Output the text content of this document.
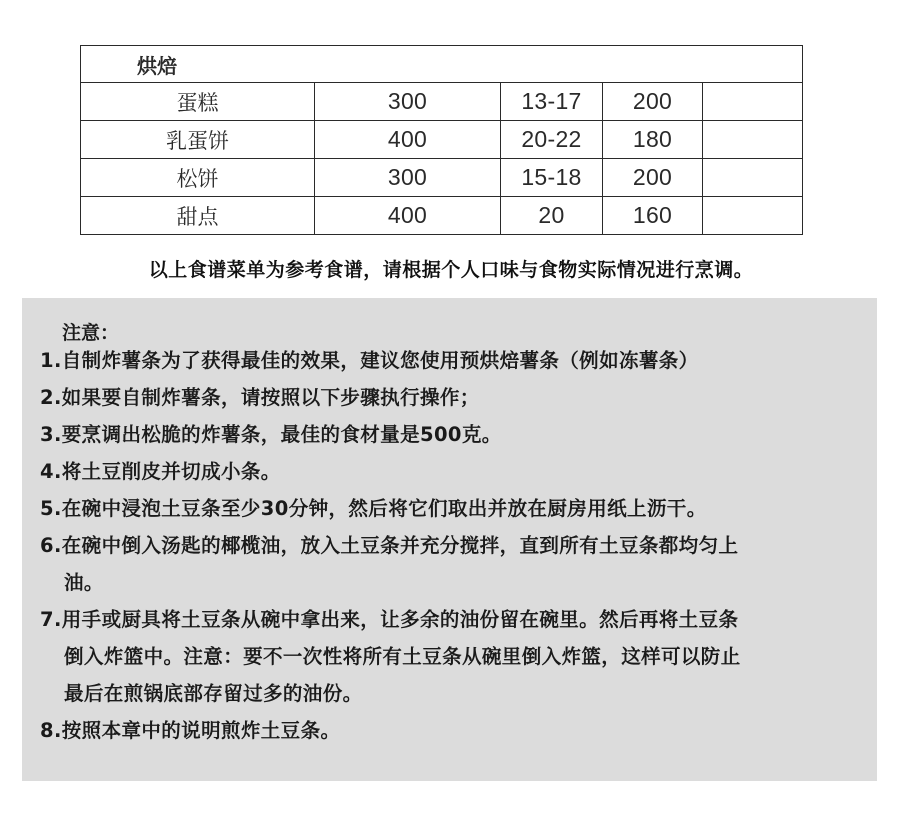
烘焙				
蛋糕	300	13-17	200	
乳蛋饼	400	20-22	180	
松饼	300	15-18	200	
甜点	400	20	160	
以上食谱菜单为参考食谱，请根据个人口味与食物实际情况进行烹调。
注意：
1.自制炸薯条为了获得最佳的效果，建议您使用预烘焙薯条（例如冻薯条）
2.如果要自制炸薯条，请按照以下步骤执行操作；
3.要烹调出松脆的炸薯条，最佳的食材量是500克。
4.将土豆削皮并切成小条。
5.在碗中浸泡土豆条至少30分钟，然后将它们取出并放在厨房用纸上沥干。
6.在碗中倒入汤匙的椰榄油，放入土豆条并充分搅拌，直到所有土豆条都均匀上
油。
7.用手或厨具将土豆条从碗中拿出来，让多余的油份留在碗里。然后再将土豆条
倒入炸篮中。注意：要不一次性将所有土豆条从碗里倒入炸篮，这样可以防止
最后在煎锅底部存留过多的油份。
8.按照本章中的说明煎炸土豆条。
